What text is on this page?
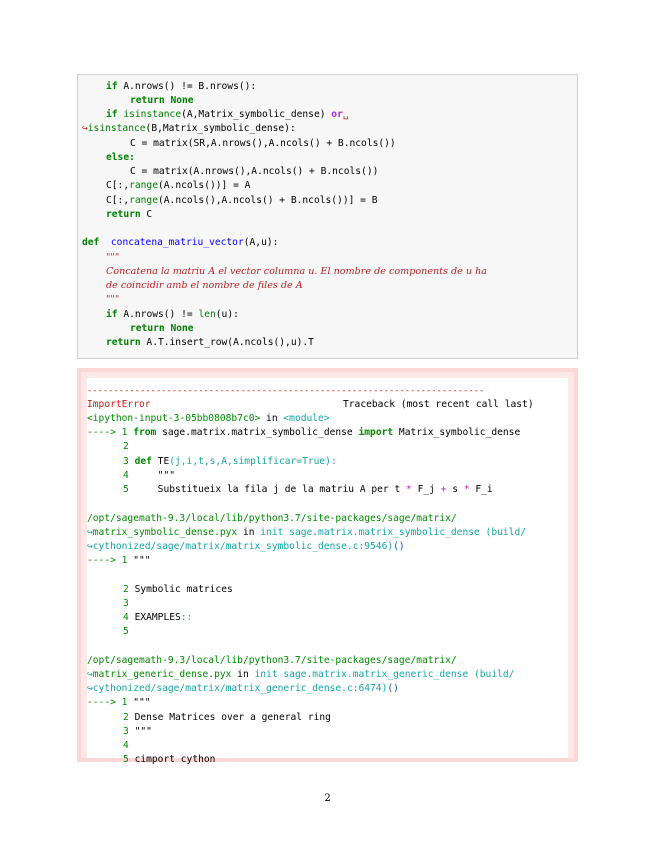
if A.nrows() != B.nrows():
return None
if isinstance(A,Matrix_symbolic_dense) or␣
↪isinstance(B,Matrix_symbolic_dense):
C = matrix(SR,A.nrows(),A.ncols() + B.ncols())
else:
C = matrix(A.nrows(),A.ncols() + B.ncols())
C[:,range(A.ncols())] = A
C[:,range(A.ncols(),A.ncols() + B.ncols())] = B
return C
def concatena_matriu_vector(A,u):
"""
Concatena la matriu A el vector columna u. El nombre de components de u ha
de coincidir amb el nombre de files de A
"""
if A.nrows() != len(u):
return None
return A.T.insert_row(A.ncols(),u).T
---------------------------------------------------------------------------
ImportError	Traceback (most recent call last)
<ipython-input-3-05bb0808b7c0> in <module>
----> 1 from sage.matrix.matrix_symbolic_dense import Matrix_symbolic_dense
2
3 def TE(j,i,t,s,A,simplificar=True):
4	"""
5	Substitueix la fila j de la matriu A per t * F_j + s * F_i
/opt/sagemath-9.3/local/lib/python3.7/site-packages/sage/matrix/
↪matrix_symbolic_dense.pyx in init sage.matrix.matrix_symbolic_dense (build/
↪cythonized/sage/matrix/matrix_symbolic_dense.c:9546)()
----> 1 """
2 Symbolic matrices
3
4 EXAMPLES::
5
/opt/sagemath-9.3/local/lib/python3.7/site-packages/sage/matrix/
↪matrix_generic_dense.pyx in init sage.matrix.matrix_generic_dense (build/
↪cythonized/sage/matrix/matrix_generic_dense.c:6474)()
----> 1 """
2 Dense Matrices over a general ring
3 """
4
5 cimport cython
2
